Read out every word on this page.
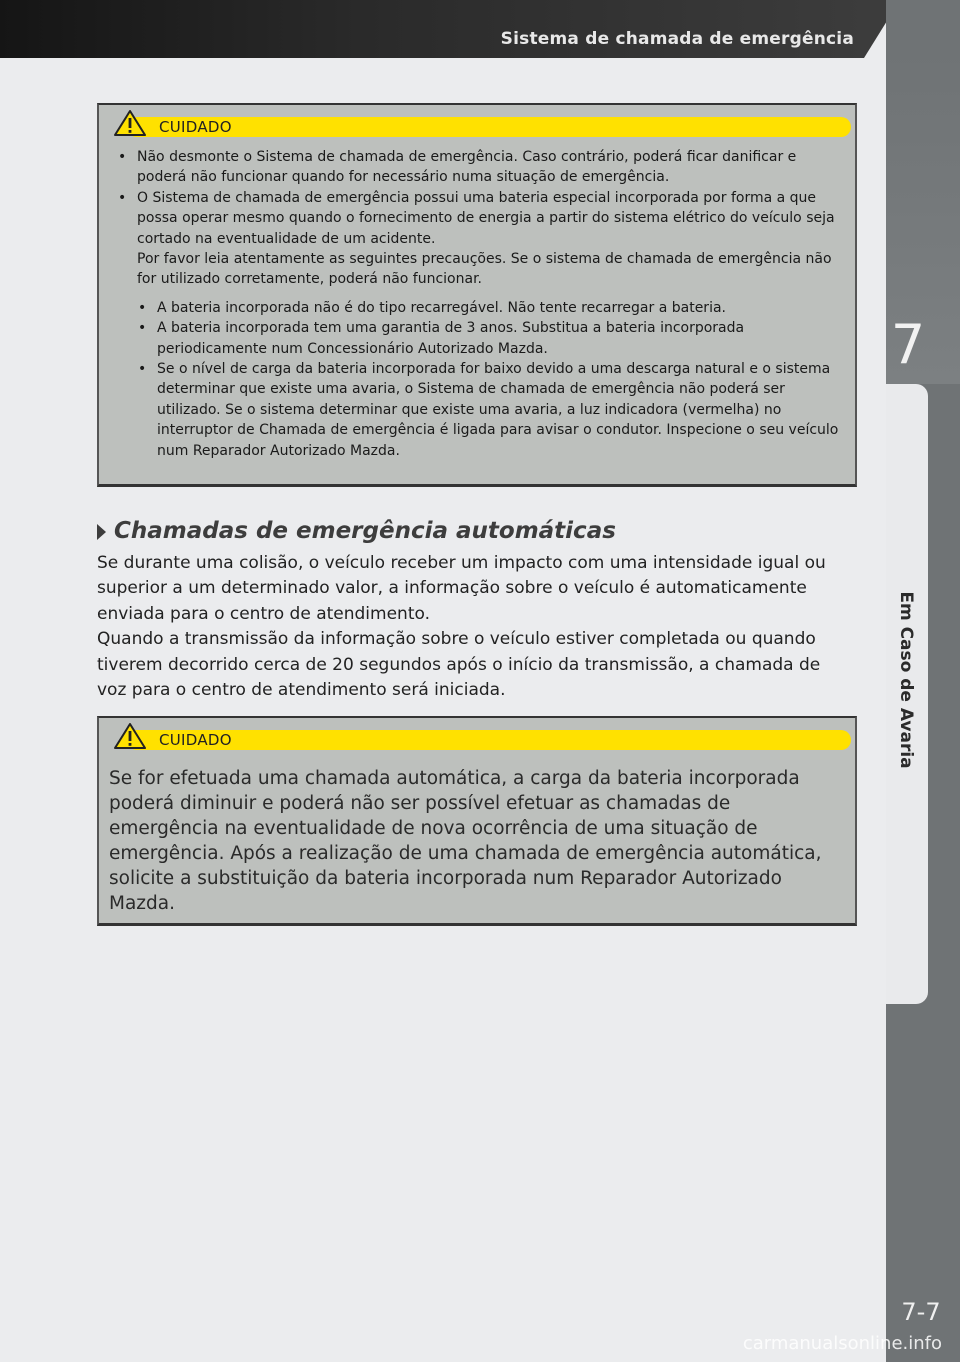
Sistema de chamada de emergência
7
Em Caso de Avaria
CUIDADO
• Não desmonte o Sistema de chamada de emergência. Caso contrário, poderá ficar danificar e poderá não funcionar quando for necessário numa situação de emergência.
• O Sistema de chamada de emergência possui uma bateria especial incorporada por forma a que possa operar mesmo quando o fornecimento de energia a partir do sistema elétrico do veículo seja cortado na eventualidade de um acidente.

Por favor leia atentamente as seguintes precauções. Se o sistema de chamada de emergência não for utilizado corretamente, poderá não funcionar.

• A bateria incorporada não é do tipo recarregável. Não tente recarregar a bateria.
• A bateria incorporada tem uma garantia de 3 anos. Substitua a bateria incorporada periodicamente num Concessionário Autorizado Mazda.
• Se o nível de carga da bateria incorporada for baixo devido a uma descarga natural e o sistema determinar que existe uma avaria, o Sistema de chamada de emergência não poderá ser utilizado. Se o sistema determinar que existe uma avaria, a luz indicadora (vermelha) no interruptor de Chamada de emergência é ligada para avisar o condutor. Inspecione o seu veículo num Reparador Autorizado Mazda.
Chamadas de emergência automáticas

Se durante uma colisão, o veículo receber um impacto com uma intensidade igual ou superior a um determinado valor, a informação sobre o veículo é automaticamente enviada para o centro de atendimento.

Quando a transmissão da informação sobre o veículo estiver completada ou quando tiverem decorrido cerca de 20 segundos após o início da transmissão, a chamada de voz para o centro de atendimento será iniciada.

CUIDADO

Se for efetuada uma chamada automática, a carga da bateria incorporada poderá diminuir e poderá não ser possível efetuar as chamadas de emergência na eventualidade de nova ocorrência de uma situação de emergência. Após a realização de uma chamada de emergência automática, solicite a substituição da bateria incorporada num Reparador Autorizado Mazda.

7-7
carmanualsonline.info
